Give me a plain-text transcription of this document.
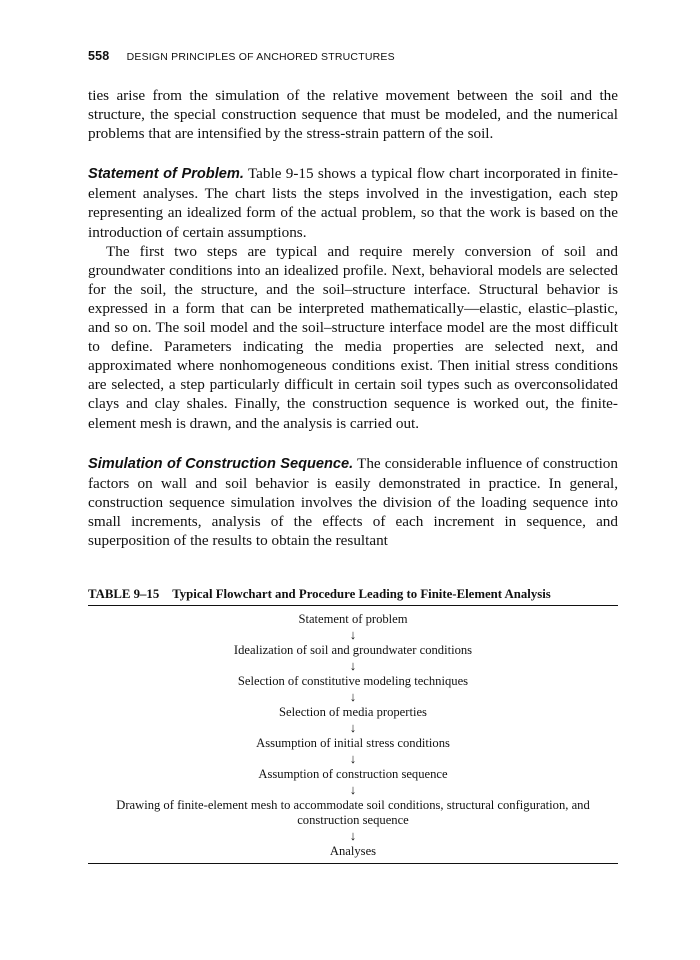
558 DESIGN PRINCIPLES OF ANCHORED STRUCTURES

ties arise from the simulation of the relative movement between the soil and the structure, the special construction sequence that must be modeled, and the numerical problems that are intensified by the stress-strain pattern of the soil.

Statement of Problem. Table 9-15 shows a typical flow chart incorporated in finite-element analyses. The chart lists the steps involved in the investigation, each step representing an idealized form of the actual problem, so that the work is based on the introduction of certain assumptions.

The first two steps are typical and require merely conversion of soil and groundwater conditions into an idealized profile. Next, behavioral models are selected for the soil, the structure, and the soil–structure interface. Structural behavior is expressed in a form that can be interpreted mathematically—elastic, elastic–plastic, and so on. The soil model and the soil–structure interface model are the most difficult to define. Parameters indicating the media properties are selected next, and approximated where nonhomogeneous conditions exist. Then initial stress conditions are selected, a step particularly difficult in certain soil types such as overconsolidated clays and clay shales. Finally, the construction sequence is worked out, the finite-element mesh is drawn, and the analysis is carried out.

Simulation of Construction Sequence. The considerable influence of construction factors on wall and soil behavior is easily demonstrated in practice. In general, construction sequence simulation involves the division of the loading sequence into small increments, analysis of the effects of each increment in sequence, and superposition of the results to obtain the resultant

TABLE 9–15 Typical Flowchart and Procedure Leading to Finite-Element Analysis
Statement of problem
↓
Idealization of soil and groundwater conditions
↓
Selection of constitutive modeling techniques
↓
Selection of media properties
↓
Assumption of initial stress conditions
↓
Assumption of construction sequence
↓
Drawing of finite-element mesh to accommodate soil conditions, structural configuration, and construction sequence
↓
Analyses
